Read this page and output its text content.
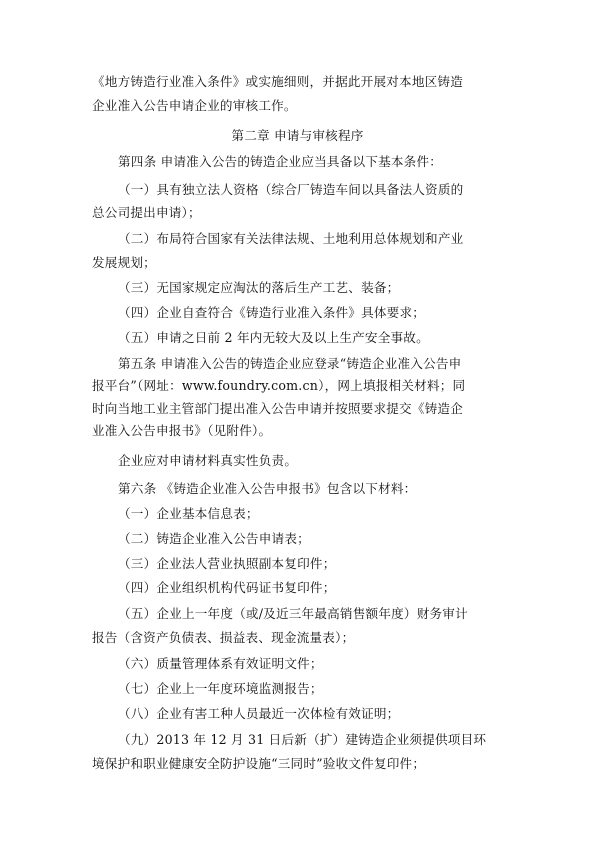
《地方铸造行业准入条件》或实施细则，并据此开展对本地区铸造
企业准入公告申请企业的审核工作。
第二章 申请与审核程序
第四条 申请准入公告的铸造企业应当具备以下基本条件：
（一）具有独立法人资格（综合厂铸造车间以具备法人资质的
总公司提出申请）；
（二）布局符合国家有关法律法规、土地利用总体规划和产业
发展规划；
（三）无国家规定应淘汰的落后生产工艺、装备；
（四）企业自查符合《铸造行业准入条件》具体要求；
（五）申请之日前 2 年内无较大及以上生产安全事故。
第五条 申请准入公告的铸造企业应登录“铸造企业准入公告申
报平台”（网址：www.foundry.com.cn），网上填报相关材料；同
时向当地工业主管部门提出准入公告申请并按照要求提交《铸造企
业准入公告申报书》（见附件）。
企业应对申请材料真实性负责。
第六条 《铸造企业准入公告申报书》包含以下材料：
（一）企业基本信息表；
（二）铸造企业准入公告申请表；
（三）企业法人营业执照副本复印件；
（四）企业组织机构代码证书复印件；
（五）企业上一年度（或/及近三年最高销售额年度）财务审计
报告（含资产负债表、损益表、现金流量表）；
（六）质量管理体系有效证明文件；
（七）企业上一年度环境监测报告；
（八）企业有害工种人员最近一次体检有效证明；
（九）2013 年 12 月 31 日后新（扩）建铸造企业须提供项目环
境保护和职业健康安全防护设施“三同时”验收文件复印件；
